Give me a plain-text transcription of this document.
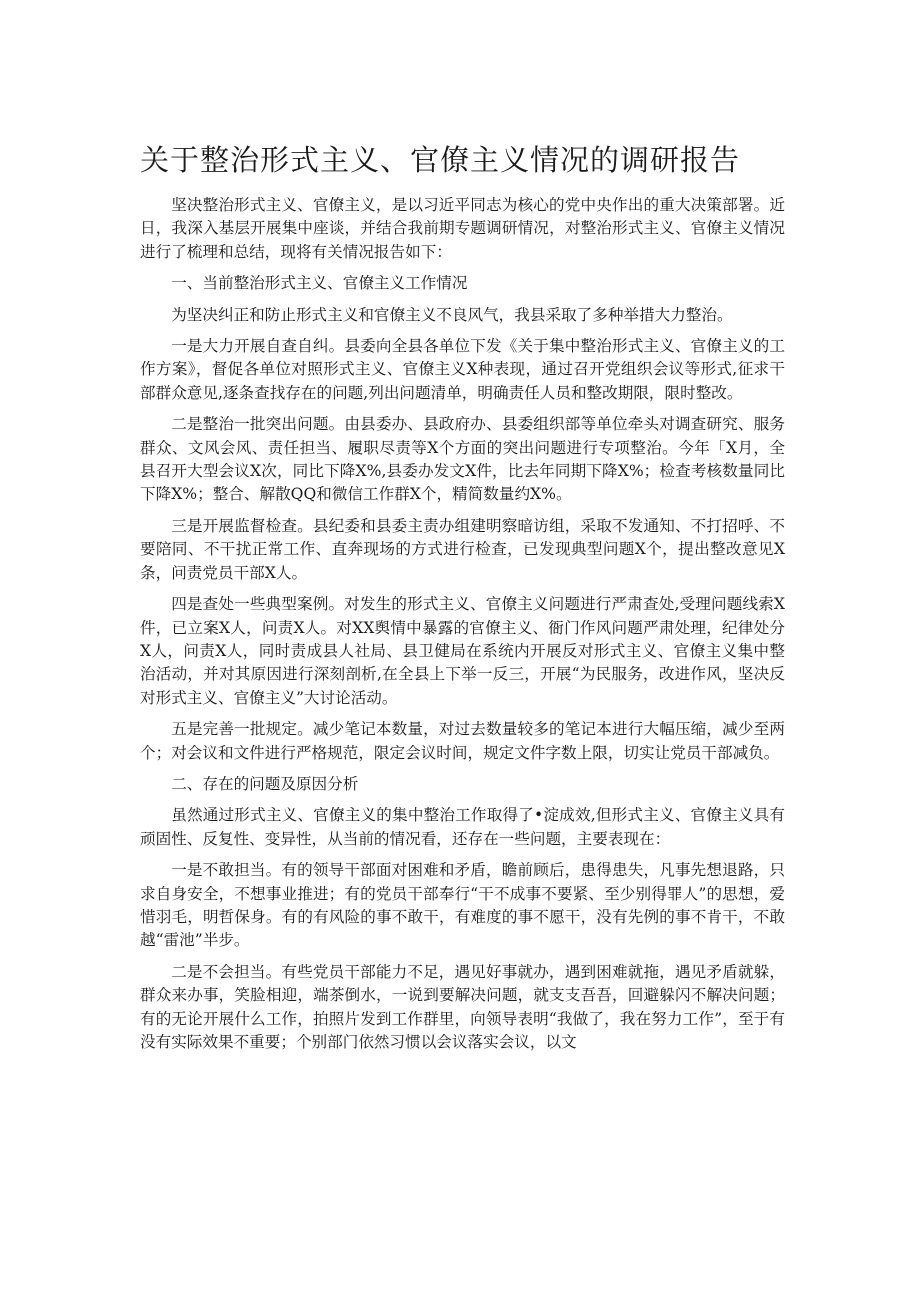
关于整治形式主义、官僚主义情况的调研报告

坚决整治形式主义、官僚主义，是以习近平同志为核心的党中央作出的重大决策部署。近日，我深入基层开展集中座谈，并结合我前期专题调研情况，对整治形式主义、官僚主义情况进行了梳理和总结，现将有关情况报告如下：

一、当前整治形式主义、官僚主义工作情况

为坚决纠正和防止形式主义和官僚主义不良风气，我县采取了多种举措大力整治。

一是大力开展自查自纠。县委向全县各单位下发《关于集中整治形式主义、官僚主义的工作方案》，督促各单位对照形式主义、官僚主义X种表现，通过召开党组织会议等形式,征求干部群众意见,逐条查找存在的问题,列出问题清单，明确责任人员和整改期限，限时整改。

二是整治一批突出问题。由县委办、县政府办、县委组织部等单位牵头对调查研究、服务群众、文风会风、责任担当、履职尽责等X个方面的突出问题进行专项整治。今年「X月，全县召开大型会议X次，同比下降X%,县委办发文X件，比去年同期下降X%；检查考核数量同比下降X%；整合、解散QQ和微信工作群X个，精简数量约X%。

三是开展监督检查。县纪委和县委主责办组建明察暗访组，采取不发通知、不打招呼、不要陪同、不干扰正常工作、直奔现场的方式进行检查，已发现典型问题X个，提出整改意见X条，问责党员干部X人。

四是查处一些典型案例。对发生的形式主义、官僚主义问题进行严肃查处,受理问题线索X件，已立案X人，问责X人。对XX舆情中暴露的官僚主义、衙门作风问题严肃处理，纪律处分X人，问责X人，同时责成县人社局、县卫健局在系统内开展反对形式主义、官僚主义集中整治活动，并对其原因进行深刻剖析,在全县上下举一反三，开展“为民服务，改进作风，坚决反对形式主义、官僚主义”大讨论活动。

五是完善一批规定。减少笔记本数量，对过去数量较多的笔记本进行大幅压缩，减少至两个；对会议和文件进行严格规范，限定会议时间，规定文件字数上限，切实让党员干部减负。

二、存在的问题及原因分析

虽然通过形式主义、官僚主义的集中整治工作取得了•淀成效,但形式主义、官僚主义具有顽固性、反复性、变异性，从当前的情况看，还存在一些问题，主要表现在：

一是不敢担当。有的领导干部面对困难和矛盾，瞻前顾后，患得患失，凡事先想退路，只求自身安全，不想事业推进；有的党员干部奉行“干不成事不要紧、至少别得罪人”的思想，爱惜羽毛，明哲保身。有的有风险的事不敢干，有难度的事不愿干，没有先例的事不肯干，不敢越“雷池”半步。

二是不会担当。有些党员干部能力不足，遇见好事就办，遇到困难就拖，遇见矛盾就躲，群众来办事，笑脸相迎，端茶倒水，一说到要解决问题，就支支吾吾，回避躲闪不解决问题；有的无论开展什么工作，拍照片发到工作群里，向领导表明“我做了，我在努力工作”，至于有没有实际效果不重要；个别部门依然习惯以会议落实会议，以文
